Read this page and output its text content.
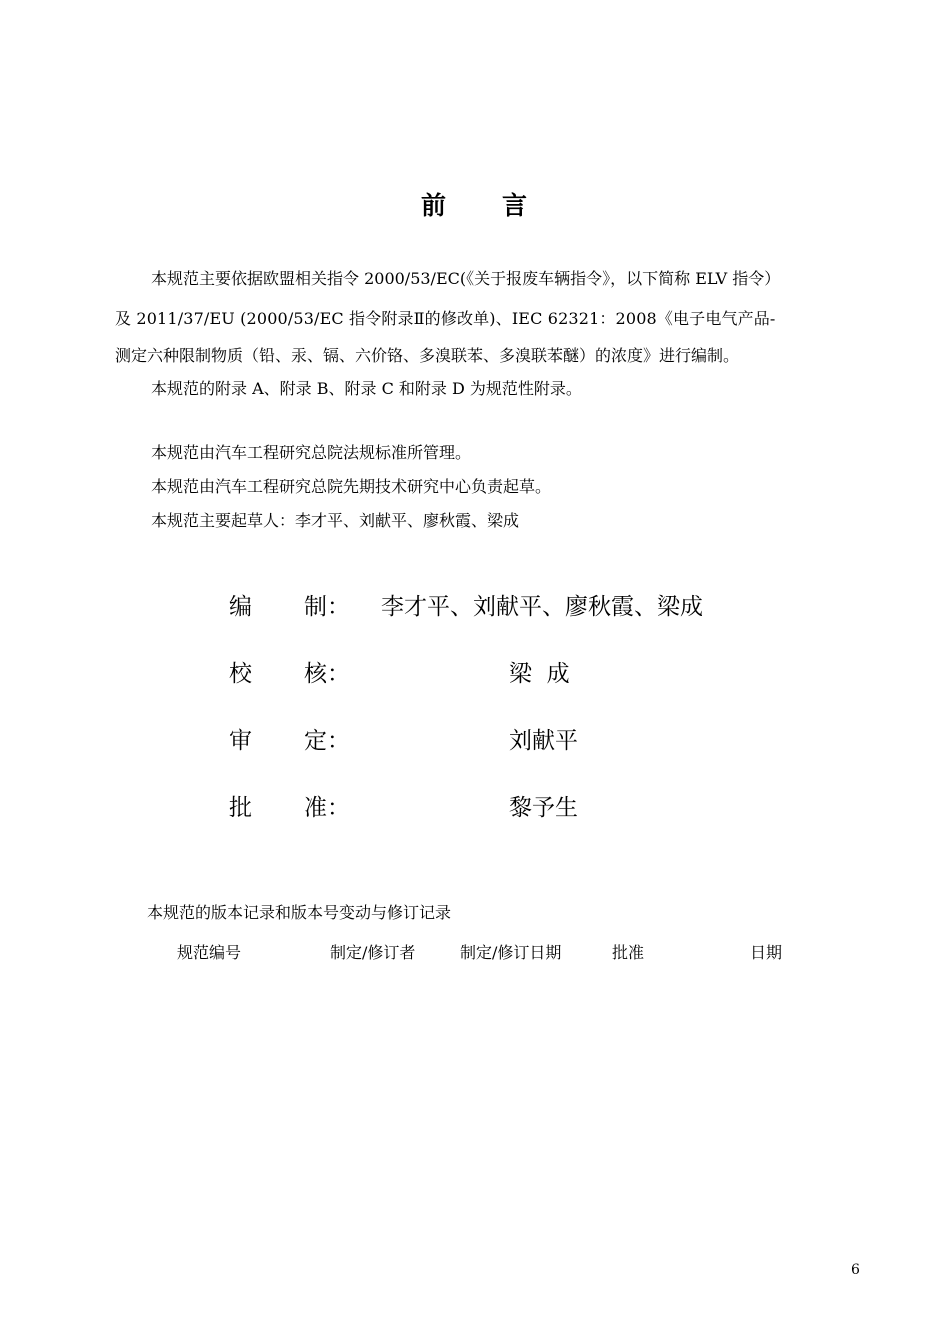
前 言
本规范主要依据欧盟相关指令 2000/53/EC(《关于报废车辆指令》，以下简称 ELV 指令）
及 2011/37/EU (2000/53/EC 指令附录Ⅱ的修改单)、IEC 62321：2008《电子电气产品-
测定六种限制物质（铅、汞、镉、六价铬、多溴联苯、多溴联苯醚）的浓度》进行编制。
本规范的附录 A、附录 B、附录 C 和附录 D 为规范性附录。
本规范由汽车工程研究总院法规标准所管理。
本规范由汽车工程研究总院先期技术研究中心负责起草。
本规范主要起草人：李才平、刘献平、廖秋霞、梁成
编 制： 李才平、刘献平、廖秋霞、梁成
校 核：	梁  成
审 定：	刘献平
批 准：	黎予生
本规范的版本记录和版本号变动与修订记录
规范编号	制定/修订者	制定/修订日期	批准	日期
6
